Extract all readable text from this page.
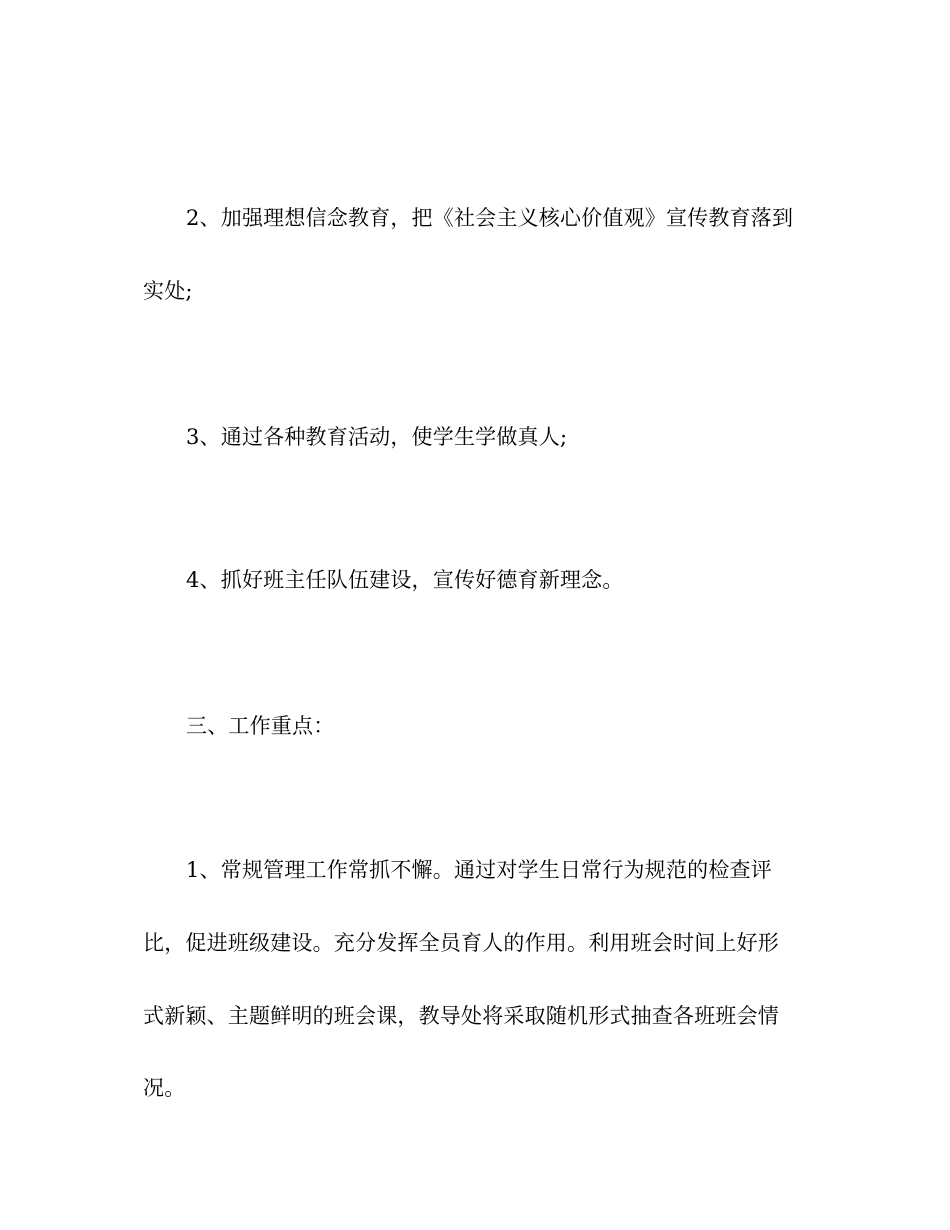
2、加强理想信念教育，把《社会主义核心价值观》宣传教育落到
实处;
3、通过各种教育活动，使学生学做真人;
4、抓好班主任队伍建设，宣传好德育新理念。
三、工作重点：
1、常规管理工作常抓不懈。通过对学生日常行为规范的检查评
比，促进班级建设。充分发挥全员育人的作用。利用班会时间上好形
式新颖、主题鲜明的班会课，教导处将采取随机形式抽查各班班会情
况。
